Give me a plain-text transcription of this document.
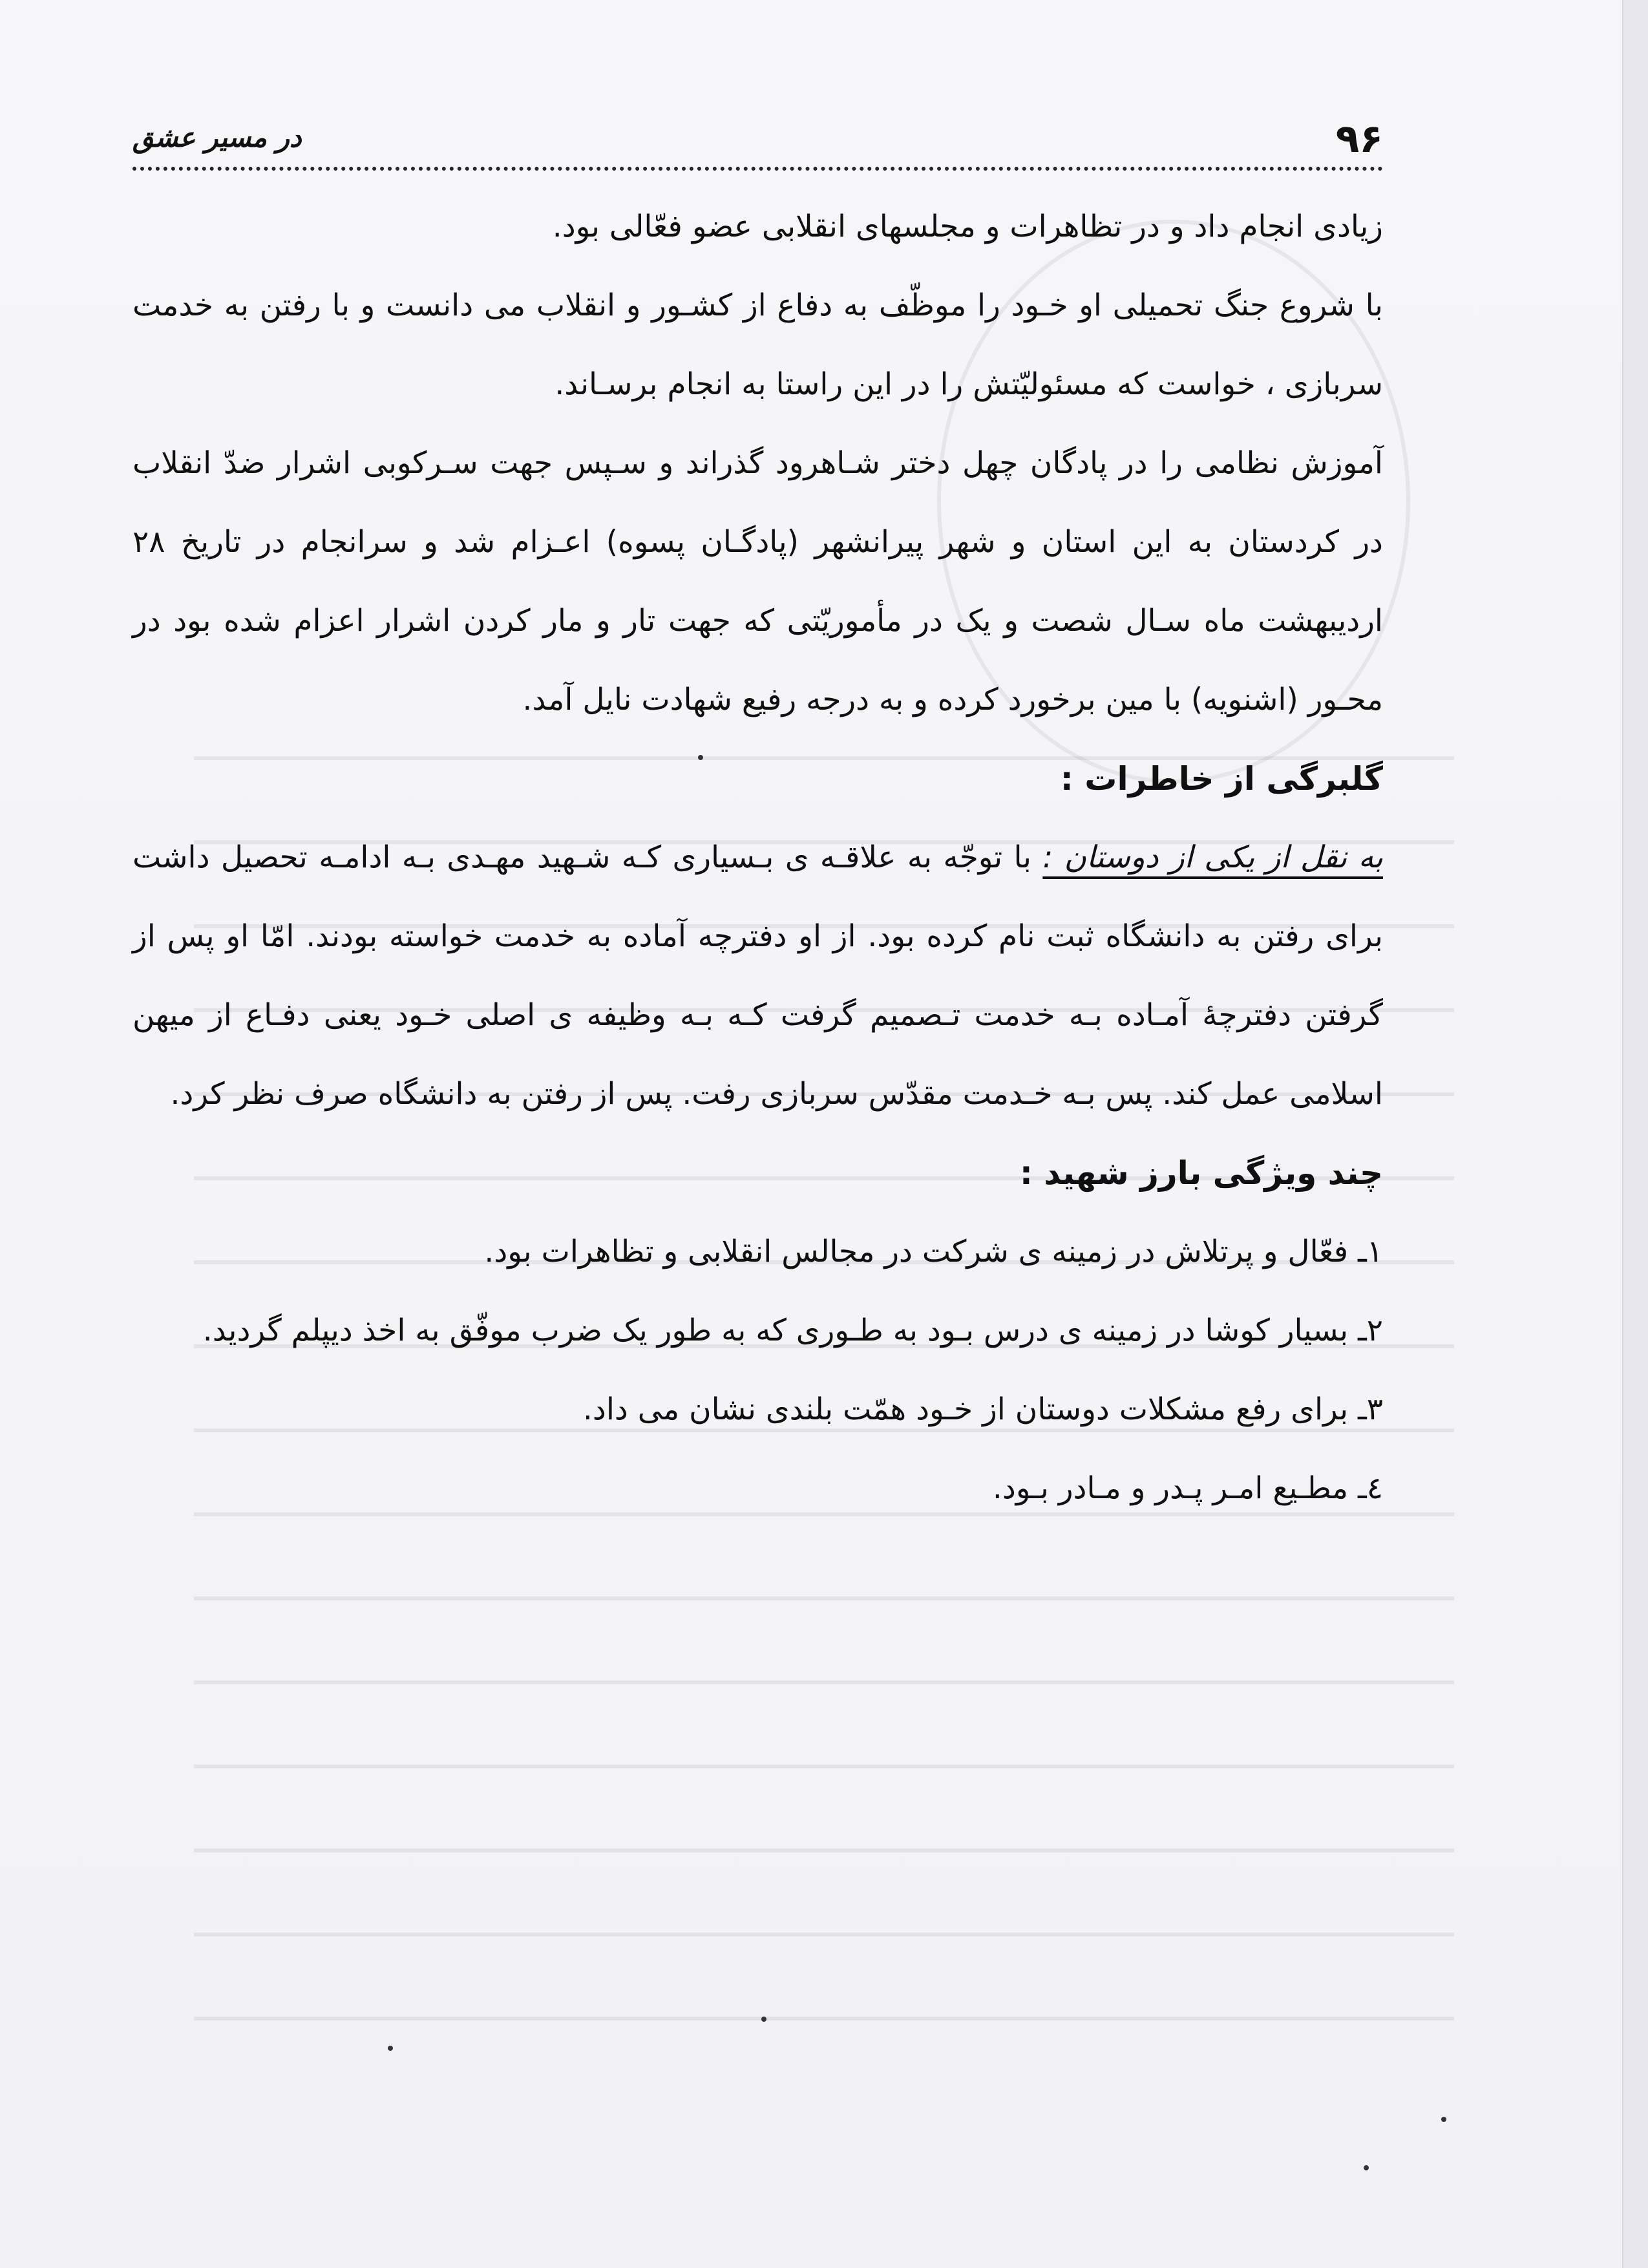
۹۶
در مسیر عشق

زیادی انجام داد و در تظاهرات و مجلسهای انقلابی عضو فعّالی بود.

با شروع جنگ تحمیلی او خـود را موظّف به دفاع از کشـور و انقلاب می دانست و با رفتن به خدمت سربازی ، خواست که مسئولیّتش را در این راستا به انجام برسـاند.

آموزش نظامی را در پادگان چهل دختر شـاهرود گذراند و سـپس جهت سـرکوبی اشرار ضدّ انقلاب در کردستان به این استان و شهر پیرانشهر (پادگـان پسوه) اعـزام شد و سرانجام در تاریخ ۲۸ اردیبهشت ماه سـال شصت و یک در مأموریّتی که جهت تار و مار کردن اشرار اعزام شده بود در محـور (اشنویه) با مین برخورد کرده و به درجه رفیع شهادت نایل آمد.

گلبرگی از خاطرات :

به نقل از یکی از دوستان : با توجّه به علاقـه ی بـسیاری کـه شـهید مهـدی بـه ادامـه تحصیل داشت برای رفتن به دانشگاه ثبت نام کرده بود. از او دفترچه آماده به خدمت خواسته بودند. امّا او پس از گرفتن دفترچهٔ آمـاده بـه خدمت تـصمیم گرفت کـه بـه وظیفه ی اصلی خـود یعنی دفـاع از میهن اسلامی عمل کند. پس بـه خـدمت مقدّس سربازی رفت. پس از رفتن به دانشگاه صرف نظر کرد.

چند ویژگی بارز شهید :

۱ـ فعّال و پرتلاش در زمینه ی شرکت در مجالس انقلابی و تظاهرات بود.

۲ـ بسیار کوشا در زمینه ی درس بـود به طـوری که به طور یک ضرب موفّق به اخذ دیپلم گردید.

۳ـ برای رفع مشکلات دوستان از خـود همّت بلندی نشان می داد.

٤ـ مطـیع امـر پـدر و مـادر بـود.
